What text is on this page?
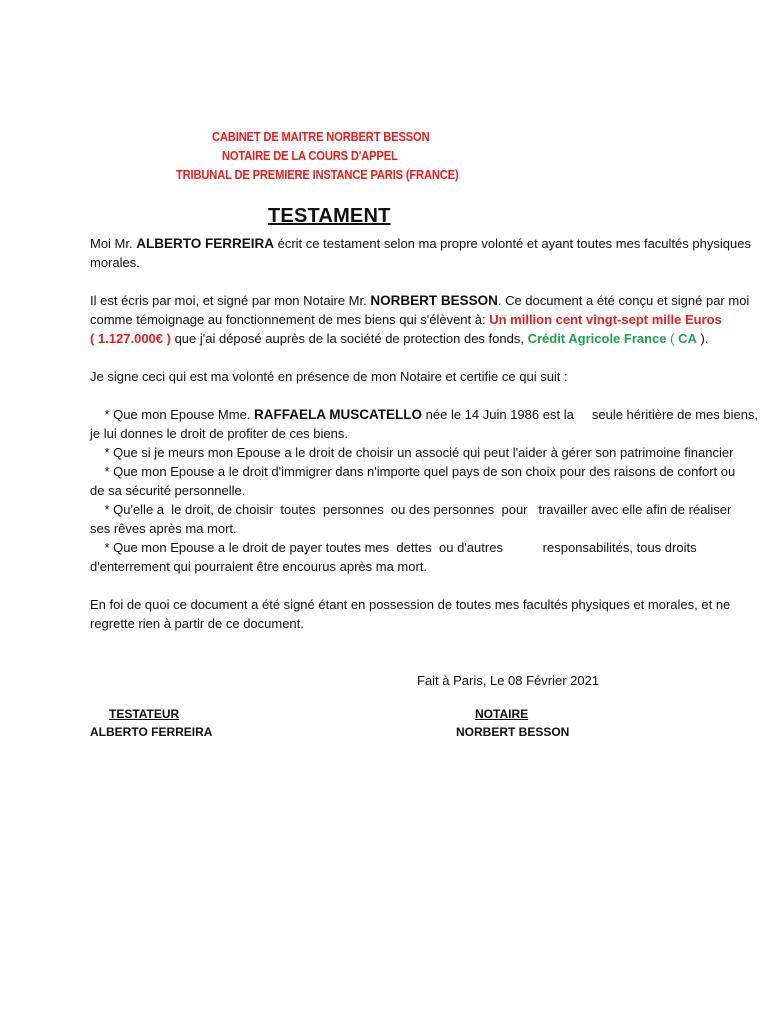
CABINET DE MAITRE NORBERT BESSON
NOTAIRE DE LA COURS D'APPEL
TRIBUNAL DE PREMIERE INSTANCE PARIS (FRANCE)
TESTAMENT
Moi Mr. ALBERTO FERREIRA écrit ce testament selon ma propre volonté et ayant toutes mes facultés physiques
morales.
Il est écris par moi, et signé par mon Notaire Mr. NORBERT BESSON. Ce document a été conçu et signé par moi
comme témoignage au fonctionnement de mes biens qui s'élèvent à: Un million cent vingt-sept mille Euros
( 1.127.000€ ) que j'ai déposé auprès de la société de protection des fonds, Crédit Agricole France ( CA ).
Je signe ceci qui est ma volonté en présence de mon Notaire et certifie ce qui suit :
* Que mon Epouse Mme. RAFFAELA MUSCATELLO née le 14 Juin 1986 est la     seule héritière de mes biens,
je lui donnes le droit de profiter de ces biens.
* Que si je meurs mon Epouse a le droit de choisir un associé qui peut l'aider à gérer son patrimoine financier
* Que mon Epouse a le droit d'immigrer dans n'importe quel pays de son choix pour des raisons de confort ou
de sa sécurité personnelle.
* Qu'elle a  le droit, de choisir  toutes  personnes  ou des personnes  pour   travailler avec elle afin de réaliser
ses rêves après ma mort.
* Que mon Epouse a le droit de payer toutes mes  dettes  ou d'autres           responsabilités, tous droits
d'enterrement qui pourraient être encourus après ma mort.
En foi de quoi ce document a été signé étant en possession de toutes mes facultés physiques et morales, et ne
regrette rien à partir de ce document.
Fait à Paris, Le 08 Février 2021
TESTATEUR
ALBERTO FERREIRA
NOTAIRE
NORBERT BESSON
